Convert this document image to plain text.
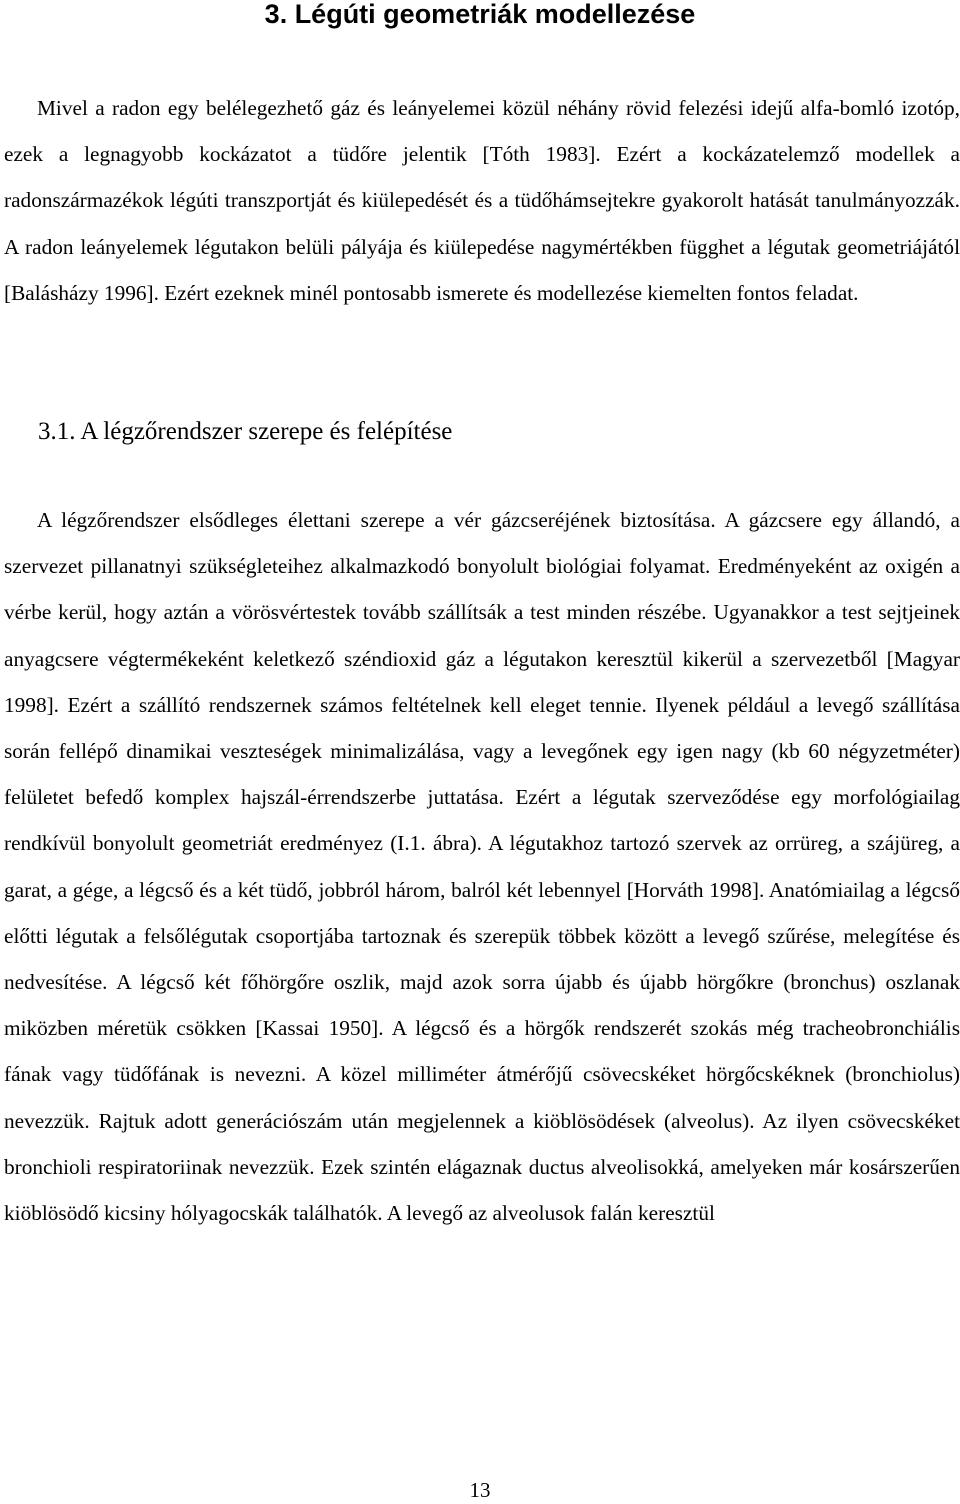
3. Légúti geometriák modellezése

Mivel a radon egy belélegezhető gáz és leányelemei közül néhány rövid felezési idejű alfa-bomló izotóp, ezek a legnagyobb kockázatot a tüdőre jelentik [Tóth 1983]. Ezért a kockázatelemző modellek a radonszármazékok légúti transzportját és kiülepedését és a tüdőhámsejtekre gyakorolt hatását tanulmányozzák. A radon leányelemek légutakon belüli pályája és kiülepedése nagymértékben függhet a légutak geometriájától [Balásházy 1996]. Ezért ezeknek minél pontosabb ismerete és modellezése kiemelten fontos feladat.

3.1. A légzőrendszer szerepe és felépítése

A légzőrendszer elsődleges élettani szerepe a vér gázcseréjének biztosítása. A gázcsere egy állandó, a szervezet pillanatnyi szükségleteihez alkalmazkodó bonyolult biológiai folyamat. Eredményeként az oxigén a vérbe kerül, hogy aztán a vörösvértestek tovább szállítsák a test minden részébe. Ugyanakkor a test sejtjeinek anyagcsere végtermékeként keletkező széndioxid gáz a légutakon keresztül kikerül a szervezetből [Magyar 1998]. Ezért a szállító rendszernek számos feltételnek kell eleget tennie. Ilyenek például a levegő szállítása során fellépő dinamikai veszteségek minimalizálása, vagy a levegőnek egy igen nagy (kb 60 négyzetméter) felületet befedő komplex hajszál-érrendszerbe juttatása. Ezért a légutak szerveződése egy morfológiailag rendkívül bonyolult geometriát eredményez (I.1. ábra). A légutakhoz tartozó szervek az orrüreg, a szájüreg, a garat, a gége, a légcső és a két tüdő, jobbról három, balról két lebennyel [Horváth 1998]. Anatómiailag a légcső előtti légutak a felsőlégutak csoportjába tartoznak és szerepük többek között a levegő szűrése, melegítése és nedvesítése. A légcső két főhörgőre oszlik, majd azok sorra újabb és újabb hörgőkre (bronchus) oszlanak miközben méretük csökken [Kassai 1950]. A légcső és a hörgők rendszerét szokás még tracheobronchiális fának vagy tüdőfának is nevezni. A közel milliméter átmérőjű csövecskéket hörgőcskéknek (bronchiolus) nevezzük. Rajtuk adott generációszám után megjelennek a kiöblösödések (alveolus). Az ilyen csövecskéket bronchioli respiratoriinak nevezzük. Ezek szintén elágaznak ductus alveolisokká, amelyeken már kosárszerűen kiöblösödő kicsiny hólyagocskák találhatók. A levegő az alveolusok falán keresztül

13
